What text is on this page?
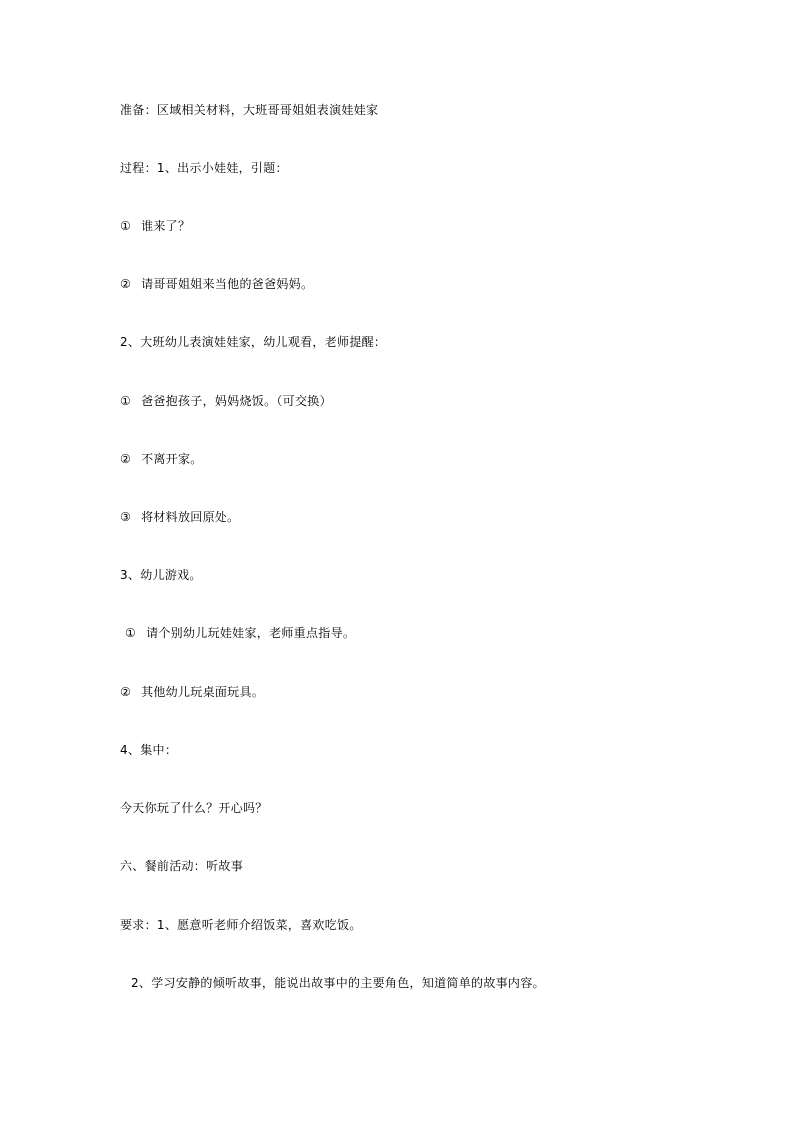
准备：区域相关材料，大班哥哥姐姐表演娃娃家
过程：1、出示小娃娃，引题：
① 谁来了？
② 请哥哥姐姐来当他的爸爸妈妈。
2、大班幼儿表演娃娃家，幼儿观看，老师提醒：
① 爸爸抱孩子，妈妈烧饭。（可交换）
② 不离开家。
③ 将材料放回原处。
3、幼儿游戏。
① 请个别幼儿玩娃娃家，老师重点指导。
② 其他幼儿玩桌面玩具。
4、集中：
今天你玩了什么？开心吗？
六、餐前活动：听故事
要求：1、愿意听老师介绍饭菜，喜欢吃饭。
2、学习安静的倾听故事，能说出故事中的主要角色，知道简单的故事内容。
